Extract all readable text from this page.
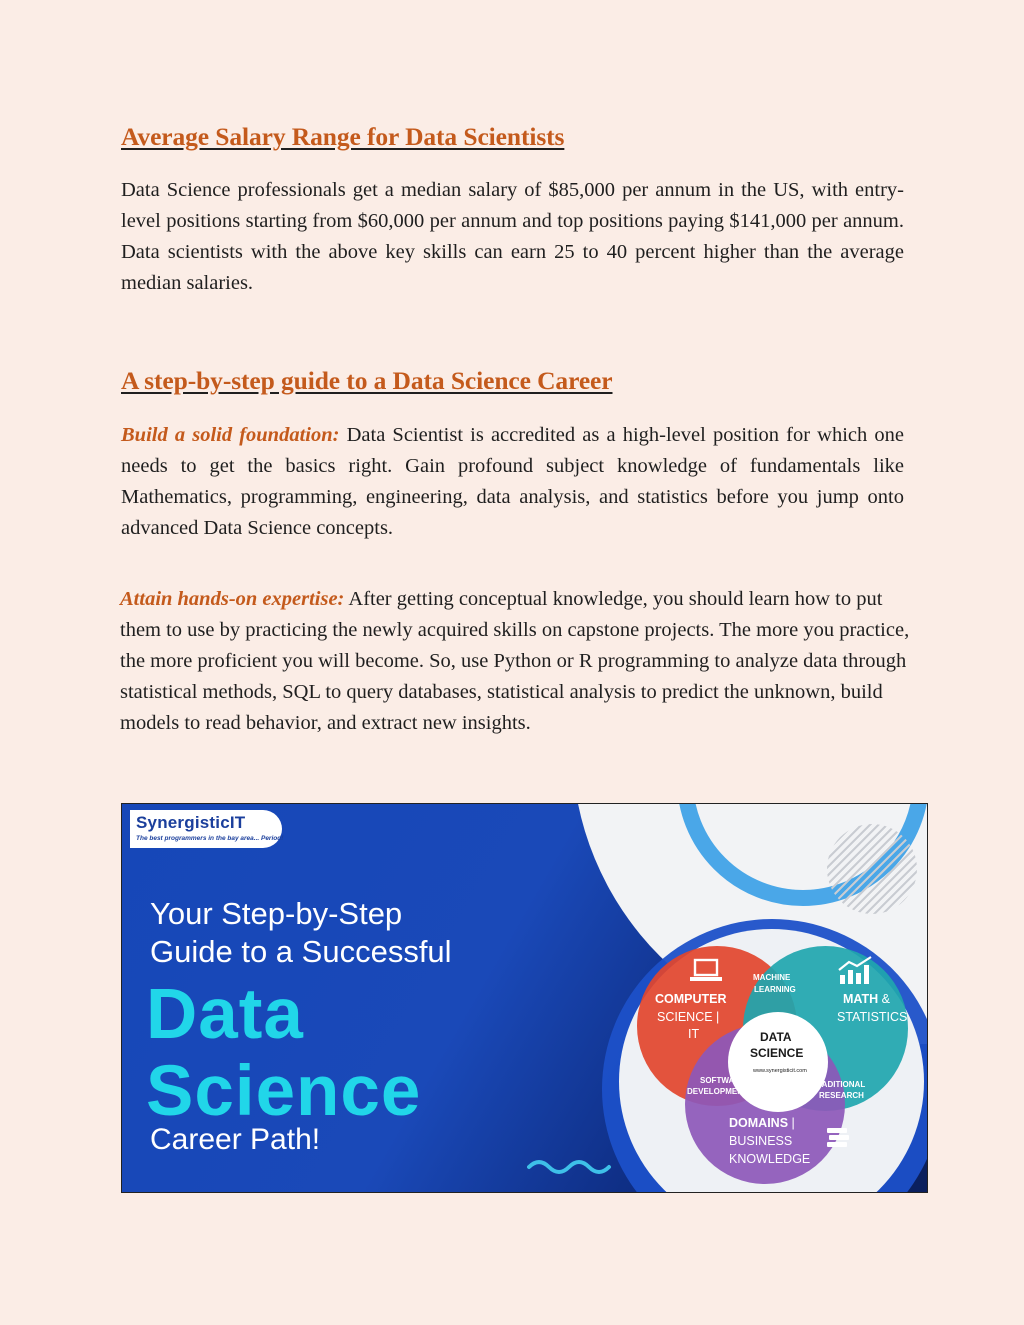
Average Salary Range for Data Scientists

Data Science professionals get a median salary of $85,000 per annum in the US, with entry-level positions starting from $60,000 per annum and top positions paying $141,000 per annum. Data scientists with the above key skills can earn 25 to 40 percent higher than the average median salaries.

A step-by-step guide to a Data Science Career

Build a solid foundation: Data Scientist is accredited as a high-level position for which one needs to get the basics right. Gain profound subject knowledge of fundamentals like Mathematics, programming, engineering, data analysis, and statistics before you jump onto advanced Data Science concepts.

Attain hands-on expertise: After getting conceptual knowledge, you should learn how to put them to use by practicing the newly acquired skills on capstone projects. The more you practice, the more proficient you will become. So, use Python or R programming to analyze data through statistical methods, SQL to query databases, statistical analysis to predict the unknown, build models to read behavior, and extract new insights.

SynergisticIT
The best programmers in the bay area... Period!
Your Step-by-Step
Guide to a Successful
Data
Science
Career Path!
COMPUTER
SCIENCE |
IT
MACHINE
LEARNING
MATH &
STATISTICS
DATA
SCIENCE
www.synergisticit.com
SOFTWARE
DEVELOPMENT
TRADITIONAL
RESEARCH
DOMAINS |
BUSINESS
KNOWLEDGE
